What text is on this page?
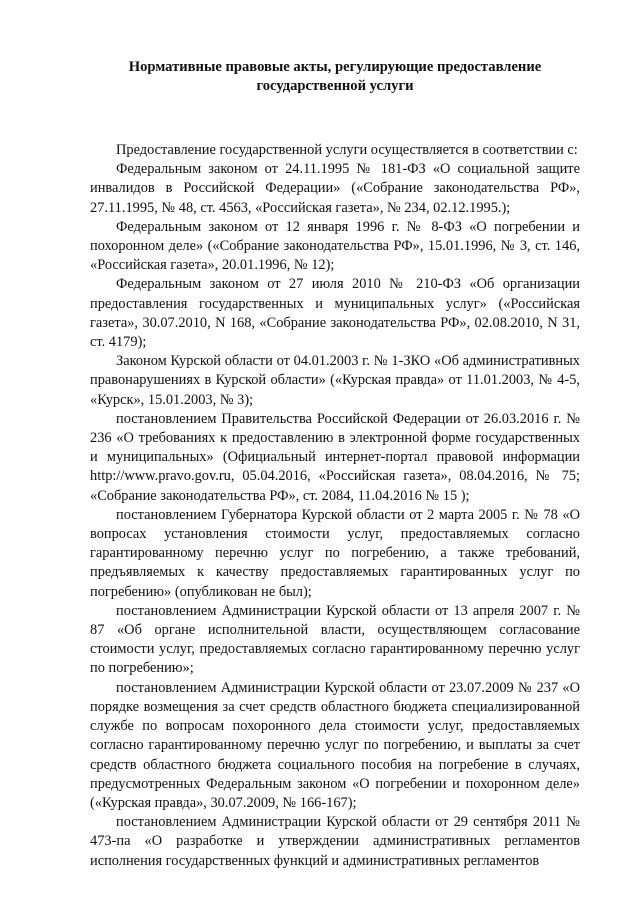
Нормативные правовые акты, регулирующие предоставление государственной услуги

Предоставление государственной услуги осуществляется в соответствии с:

Федеральным законом от 24.11.1995 № 181-ФЗ «О социальной защите инвалидов в Российской Федерации» («Собрание законодательства РФ», 27.11.1995, № 48, ст. 4563, «Российская газета», № 234, 02.12.1995.);

Федеральным законом от 12 января 1996 г. № 8-ФЗ «О погребении и похоронном деле» («Собрание законодательства РФ», 15.01.1996, № 3, ст. 146, «Российская газета», 20.01.1996, № 12);

Федеральным законом от 27 июля 2010 № 210-ФЗ «Об организации предоставления государственных и муниципальных услуг» («Российская газета», 30.07.2010, N 168, «Собрание законодательства РФ», 02.08.2010, N 31, ст. 4179);

Законом Курской области от 04.01.2003 г. № 1-ЗКО «Об административных правонарушениях в Курской области» («Курская правда» от 11.01.2003, № 4-5, «Курск», 15.01.2003, № 3);

постановлением Правительства Российской Федерации от 26.03.2016 г. № 236 «О требованиях к предоставлению в электронной форме государственных и муниципальных» (Официальный интернет-портал правовой информации http://www.pravo.gov.ru, 05.04.2016, «Российская газета», 08.04.2016, № 75; «Собрание законодательства РФ», ст. 2084, 11.04.2016 № 15 );

постановлением Губернатора Курской области от 2 марта 2005 г. № 78 «О вопросах установления стоимости услуг, предоставляемых согласно гарантированному перечню услуг по погребению, а также требований, предъявляемых к качеству предоставляемых гарантированных услуг по погребению» (опубликован не был);

постановлением Администрации Курской области от 13 апреля 2007 г. № 87 «Об органе исполнительной власти, осуществляющем согласование стоимости услуг, предоставляемых согласно гарантированному перечню услуг по погребению»;

постановлением Администрации Курской области от 23.07.2009 № 237 «О порядке возмещения за счет средств областного бюджета специализированной службе по вопросам похоронного дела стоимости услуг, предоставляемых согласно гарантированному перечню услуг по погребению, и выплаты за счет средств областного бюджета социального пособия на погребение в случаях, предусмотренных Федеральным законом «О погребении и похоронном деле» («Курская правда», 30.07.2009, № 166-167);

постановлением Администрации Курской области от 29 сентября 2011 № 473-па «О разработке и утверждении административных регламентов исполнения государственных функций и административных регламентов
